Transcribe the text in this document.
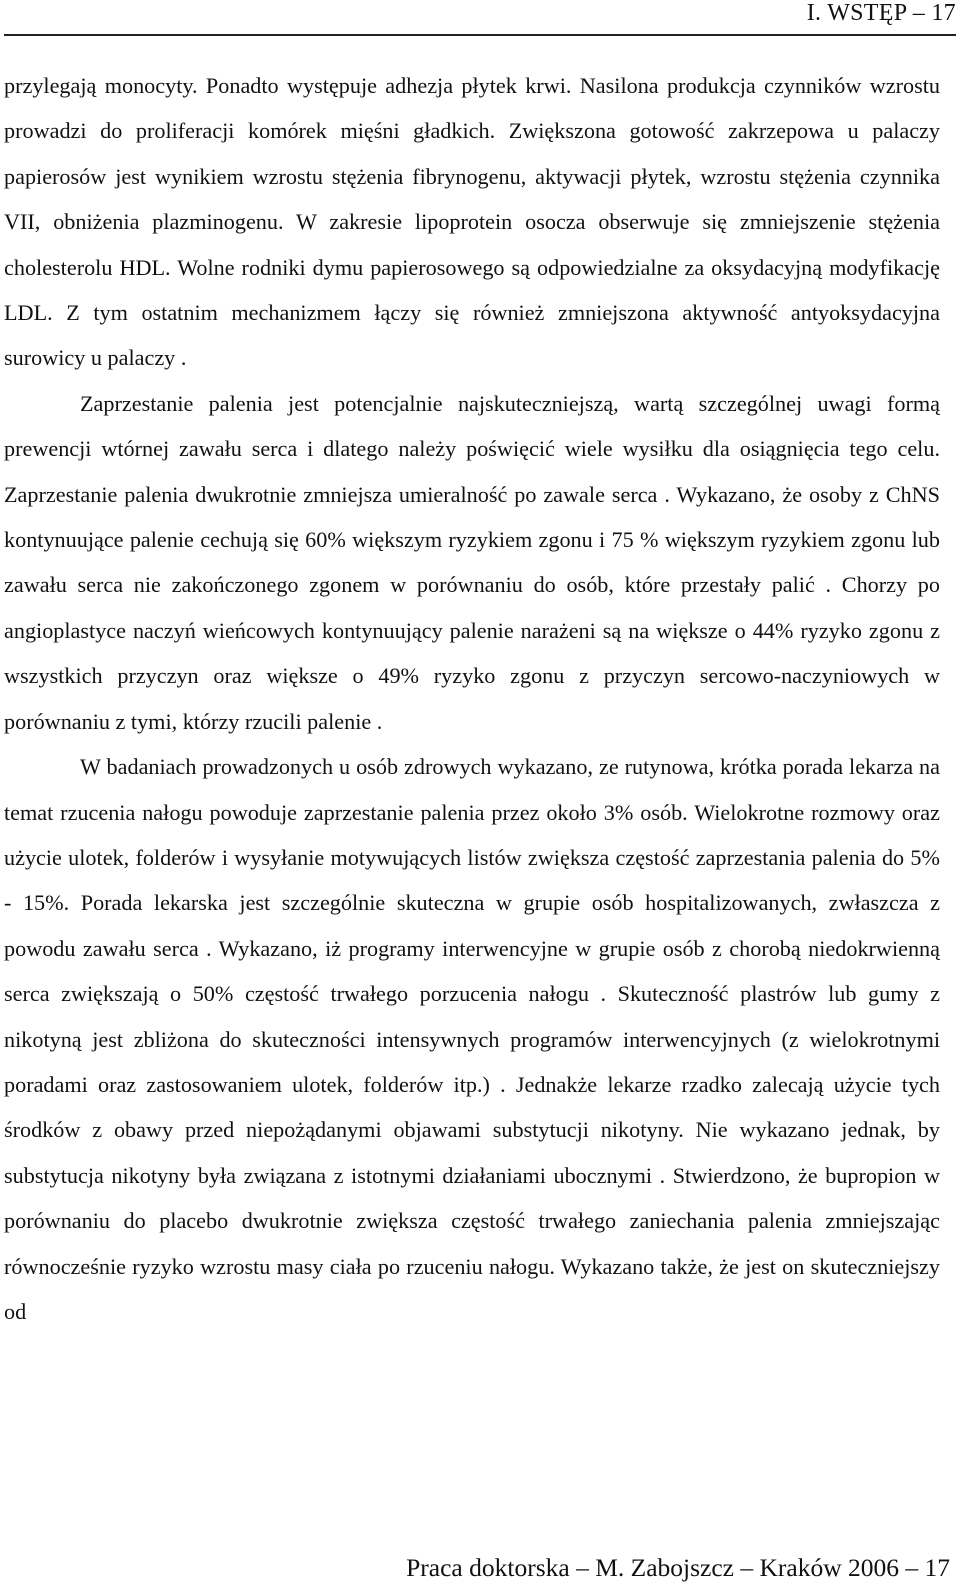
I. WSTĘP – 17

przylegają monocyty. Ponadto występuje adhezja płytek krwi. Nasilona produkcja czynników wzrostu prowadzi do proliferacji komórek mięśni gładkich. Zwiększona gotowość zakrzepowa u palaczy papierosów jest wynikiem wzrostu stężenia fibrynogenu, aktywacji płytek, wzrostu stężenia czynnika VII, obniżenia plazminogenu. W zakresie lipoprotein osocza obserwuje się zmniejszenie stężenia cholesterolu HDL. Wolne rodniki dymu papierosowego są odpowiedzialne za oksydacyjną modyfikację LDL. Z tym ostatnim mechanizmem łączy się również zmniejszona aktywność antyoksydacyjna surowicy u palaczy .

Zaprzestanie palenia jest potencjalnie najskuteczniejszą, wartą szczególnej uwagi formą prewencji wtórnej zawału serca i dlatego należy poświęcić wiele wysiłku dla osiągnięcia tego celu. Zaprzestanie palenia dwukrotnie zmniejsza umieralność po zawale serca . Wykazano, że osoby z ChNS kontynuujące palenie cechują się 60% większym ryzykiem zgonu i 75 % większym ryzykiem zgonu lub zawału serca nie zakończonego zgonem w porównaniu do osób, które przestały palić . Chorzy po angioplastyce naczyń wieńcowych kontynuujący palenie narażeni są na większe o 44% ryzyko zgonu z wszystkich przyczyn oraz większe o 49% ryzyko zgonu z przyczyn sercowo-naczyniowych w porównaniu z tymi, którzy rzucili palenie .

W badaniach prowadzonych u osób zdrowych wykazano, ze rutynowa, krótka porada lekarza na temat rzucenia nałogu powoduje zaprzestanie palenia przez około 3% osób. Wielokrotne rozmowy oraz użycie ulotek, folderów i wysyłanie motywujących listów zwiększa częstość zaprzestania palenia do 5% - 15%. Porada lekarska jest szczególnie skuteczna w grupie osób hospitalizowanych, zwłaszcza z powodu zawału serca . Wykazano, iż programy interwencyjne w grupie osób z chorobą niedokrwienną serca zwiększają o 50% częstość trwałego porzucenia nałogu . Skuteczność plastrów lub gumy z nikotyną jest zbliżona do skuteczności intensywnych programów interwencyjnych (z wielokrotnymi poradami oraz zastosowaniem ulotek, folderów itp.) . Jednakże lekarze rzadko zalecają użycie tych środków z obawy przed niepożądanymi objawami substytucji nikotyny. Nie wykazano jednak, by substytucja nikotyny była związana z istotnymi działaniami ubocznymi . Stwierdzono, że bupropion w porównaniu do placebo dwukrotnie zwiększa częstość trwałego zaniechania palenia zmniejszając równocześnie ryzyko wzrostu masy ciała po rzuceniu nałogu. Wykazano także, że jest on skuteczniejszy od

Praca doktorska – M. Zabojszcz – Kraków 2006 – 17
